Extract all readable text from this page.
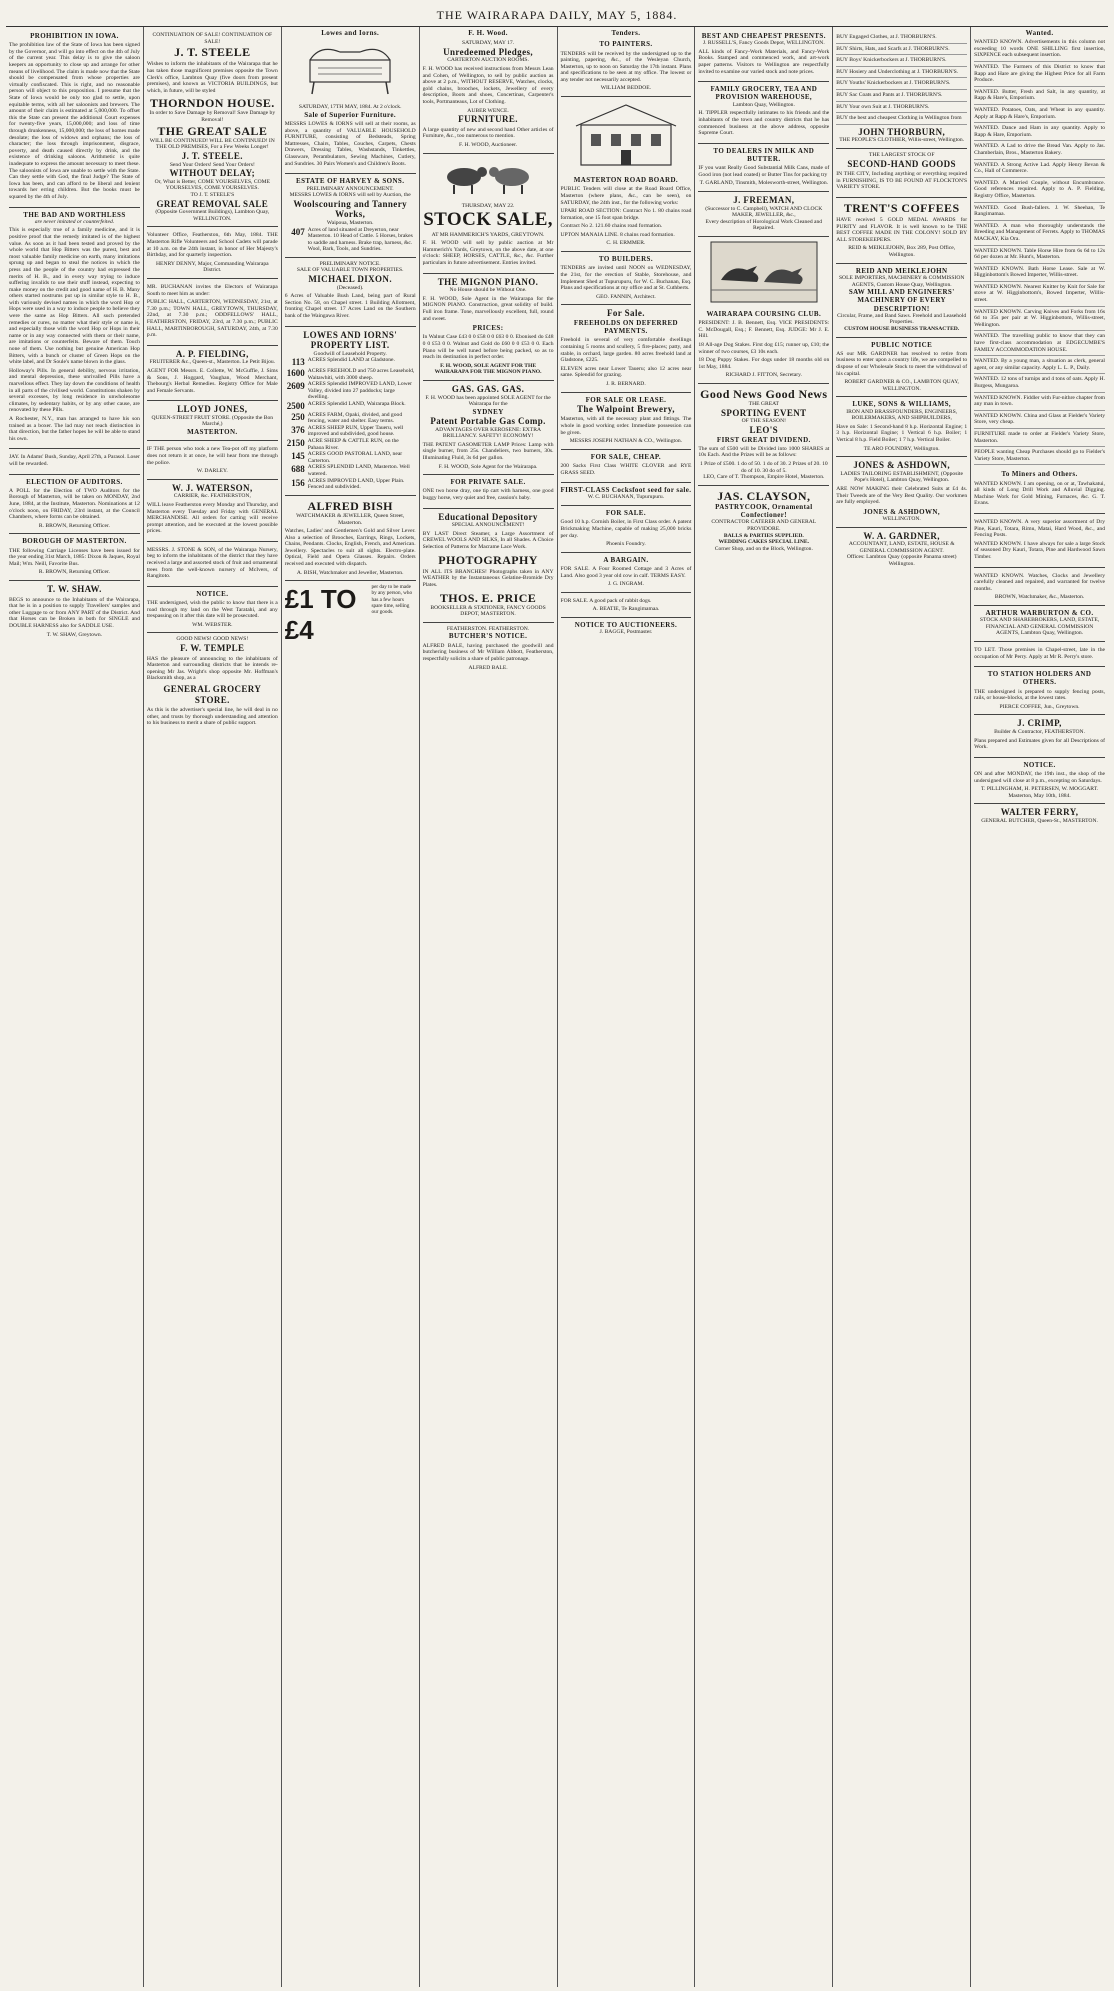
THE WAIRARAPA DAILY, MAY 5, 1884.
PROHIBITION IN IOWA.
The prohibition law of the State of Iowa has been signed by the Governor, and will go into effect on the 4th of July of the current year. This delay is to give the saloon keepers an opportunity to close up and arrange for other means of livelihood. The claim is made now that the State should be compensated from whose properties are virtually confiscated. This is right, and no reasonable person will object to this proposition. I presume that the State of Iowa would be only too glad to settle, upon equitable terms, with all her saloonists and brewers. The amount of their claim is estimated at 5,000,000. To offset this the State can present the additional Court expenses for twenty-five years, 15,000,000; and loss of time through drunkenness, 15,000,000; the loss of homes made desolate; the loss of widows and orphans; the loss of character; the loss through imprisonment, disgrace, poverty, and death caused directly by drink, and the existence of drinking saloons. Arithmetic is quite inadequate to express the amount necessary to meet these. The saloonists of Iowa are unable to settle with the State. Can they settle with God, the final Judge? The State of Iowa has been, and can afford to be liberal and lenient towards her erring children. But the books must be squared by the 4th of July.
THE BAD AND WORTHLESS
are never imitated or counterfeited.
This is especially true of a family medicine, and it is positive proof that the remedy imitated is of the highest value. As soon as it had been tested and proved by the whole world that Hop Bitters was the purest, best and most valuable family medicine on earth, many imitations sprung up and began to steal the notices in which the press and the people of the country had expressed the merits of H. B., and in every way trying to induce suffering invalids to use their stuff instead, expecting to make money on the credit and good name of H. B. Many others started nostrums put up in similar style to H. B., with variously devised names in which the word Hop or Hops were used in a way to induce people to believe they were the same as Hop Bitters. All such pretended remedies or cures, no matter what their style or name is, and especially those with the word Hop or Hops in their name or in any way connected with them or their name, are imitations or counterfeits. Beware of them. Touch none of them. Use nothing but genuine American Hop Bitters, with a bunch or cluster of Green Hops on the white label, and Dr Soule's name blown in the glass.
Holloway's Pills. In general debility, nervous irritation, and mental depression, these unrivalled Pills have a marvellous effect. They lay down the conditions of health in all parts of the civilised world. Constitutions shaken by several excesses, by long residence in unwholesome climates, by sedentary habits, or by any other cause, are renovated by these Pills.
A Rochester, N.Y., man has arranged to have his son trained as a boxer. The lad may not reach distinction in that direction, but the father hopes he will be able to stand his own.
JAY. In Adams' Bush, Sunday, April 27th, a Parasol. Loser will be rewarded.
ELECTION OF AUDITORS.
A POLL for the Election of TWO Auditors for the Borough of Masterton, will be taken on MONDAY, 2nd June, 1884, at the Institute, Masterton. Nominations at 12 o'clock noon, on FRIDAY, 23rd instant, at the Council Chambers, where forms can be obtained.
R. BROWN, Returning Officer.
BOROUGH OF MASTERTON.
THE following Carriage Licenses have been issued for the year ending 31st March, 1885: Dixon & Jaques, Royal Mail; Wm. Neill, Favorite Bus.
R. BROWN, Returning Officer.
T. W. SHAW.
BEGS to announce to the Inhabitants of the Wairarapa, that he is in a position to supply Travellers' samples and other Luggage to or from ANY PART of the District. And that Horses can be Broken in both for SINGLE and DOUBLE HARNESS also for SADDLE USE.
T. W. SHAW, Greytown.
CONTINUATION OF SALE! CONTINUATION OF SALE!
J. T. STEELE
Wishes to inform the inhabitants of the Wairarapa that he has taken those magnificent premises opposite the Town Clerk's office, Lambton Quay (five doors from present premises), and known as VICTORIA BUILDINGS, but which, in future, will be styled
THORNDON HOUSE.
In order to Save Damage by Removal! Save Damage by Removal!
THE GREAT SALE
WILL BE CONTINUED! WILL BE CONTINUED! IN THE OLD PREMISES, For a Few Weeks Longer!
J. T. STEELE.
Send Your Orders! Send Your Orders!
WITHOUT DELAY;
Or, What is Better, COME YOURSELVES, COME YOURSELVES, COME YOURSELVES.
TO J. T. STEELE'S
GREAT REMOVAL SALE
(Opposite Government Buildings), Lambton Quay, WELLINGTON.
Volunteer Office, Featherston, 6th May, 1884. THE Masterton Rifle Volunteers and School Cadets will parade at 10 a.m. on the 24th instant, in honor of Her Majesty's Birthday, and for quarterly inspection.
HENRY DENNY, Major, Commanding Wairarapa District.
MR. BUCHANAN invites the Electors of Wairarapa South to meet him as under:
PUBLIC HALL, CARTERTON, WEDNESDAY, 21st, at 7.30 p.m.; TOWN HALL, GREYTOWN, THURSDAY, 22nd, at 7.30 p.m.; ODDFELLOWS' HALL, FEATHERSTON, FRIDAY, 23rd, at 7.30 p.m.; PUBLIC HALL, MARTINBOROUGH, SATURDAY, 24th, at 7.30 p.m.
A. P. FIELDING,
FRUITERER &c., Queen-st., Masterton. Le Petit Bijou.
AGENT FOR Messrs. E. Collette, W. McGuffie, J. Sims & Sons, J. Hoggard, Vaughan, Wood Merchant, Thebourg's Herbal Remedies. Registry Office for Male and Female Servants.
LLOYD JONES,
QUEEN-STREET FRUIT STORE. (Opposite the Bon Marché,)
MASTERTON.
IF THE person who took a new Tea-pot off my platform does not return it at once, he will hear from me through the police.
W. DARLEY.
W. J. WATERSON,
CARRIER, &c. FEATHERSTON,
WILL leave Featherston every Monday and Thursday, and Masterton every Tuesday and Friday with GENERAL MERCHANDISE. All orders for carting will receive prompt attention, and be executed at the lowest possible prices.
MESSRS. J. STONE & SON, of the Wairarapa Nursery, beg to inform the inhabitants of the district that they have received a large and assorted stock of fruit and ornamental trees from the well-known nursery of McIvers, of Rangitoto.
NOTICE.
THE undersigned, wish the public to know that there is a road through my land on the West Taratahi, and any trespassing on it after this date will be prosecuted.
WM. WEBSTER.
GOOD NEWS! GOOD NEWS!
F. W. TEMPLE
HAS the pleasure of announcing to the inhabitants of Masterton and surrounding districts that he intends re-opening Mr Jas. Wright's shop opposite Mr. Hoffman's Blacksmith shop, as a
GENERAL GROCERY STORE.
As this is the advertiser's special line, he will deal in no other, and trusts by thorough understanding and attention to his business to merit a share of public support.
Lowes and Iorns.
SATURDAY, 17TH MAY, 1884. At 2 o'clock.
Sale of Superior Furniture.
MESSRS LOWES & IORNS will sell at their rooms, as above, a quantity of VALUABLE HOUSEHOLD FURNITURE, consisting of Bedsteads, Spring Mattresses, Chairs, Tables, Couches, Carpets, Chests Drawers, Dressing Tables, Washstands, Tinkettles, Glassware, Perambulators, Sewing Machines, Cutlery, and Sundries. 30 Pairs Women's and Children's Boots.
ESTATE OF HARVEY & SONS.
PRELIMINARY ANNOUNCEMENT.
MESSRS LOWES & IORNS will sell by Auction, the
Woolscouring and Tannery Works,
Waipoua, Masterton.
407 Acres of land situated at Dreyerton, near Masterton. 10 Head of Cattle. 5 Horses, brakes to saddle and harness. Brake trap, harness, &c. Wool, Bark, Tools, and Sundries.
PRELIMINARY NOTICE.
SALE OF VALUABLE TOWN PROPERTIES.
MICHAEL DIXON.
(Deceased).
6 Acres of Valuable Bush Land, being part of Rural Section No. 58, on Chapel street. 1 Building Allotment, fronting Chapel street. 17 Acres Land on the Southern bank of the Waingawa River.
LOWES AND IORNS' PROPERTY LIST.
Goodwill of Leasehold Property.
113 ACRES Splendid LAND at Gladstone.
1600 ACRES FREEHOLD and 750 acres Leasehold, Waitawhiti, with 3000 sheep.
2609 ACRES Splendid IMPROVED LAND, Lower Valley, divided into 27 paddocks; large dwelling.
2500 ACRES Splendid LAND, Wairarapa Block.
250 ACRES FARM, Opaki, divided, and good fencing, water and shelter. Easy terms.
376 ACRES SHEEP RUN, Upper Taueru, well improved and subdivided, good house.
2150 ACRE SHEEP & CATTLE RUN, on the Pahaoa River.
145 ACRES GOOD PASTORAL LAND, near Carterton.
688 ACRES SPLENDID LAND, Masterton. Well watered.
156 ACRES IMPROVED LAND, Upper Plain. Fenced and subdivided.
ALFRED BISH
WATCHMAKER & JEWELLER, Queen Street, Masterton.
Watches, Ladies' and Gentlemen's Gold and Silver Lever. Also a selection of Brooches, Earrings, Rings, Lockets, Chains, Pendants. Clocks, English, French, and American. Jewellery. Spectacles to suit all sights. Electro-plate. Optical, Field and Opera Glasses. Repairs. Orders received and executed with dispatch.
A. BISH, Watchmaker and Jeweller, Masterton.
£1 TO £4
per day to be made by any person, who has a few hours spare time, selling our goods.
F. H. Wood.
SATURDAY, MAY 17.
Unredeemed Pledges,
CARTERTON AUCTION ROOMS.
F. H. WOOD has received instructions from Messrs Lean and Cohen, of Wellington, to sell by public auction as above at 2 p.m., WITHOUT RESERVE, Watches, clocks, gold chains, brooches, lockets, Jewellery of every description, Boots and shoes, Concertinas, Carpenter's tools, Portmanteaus, Lot of Clothing.
AUBER WENCE.
FURNITURE.
A large quantity of new and second hand Other articles of Furniture, &c., too numerous to mention.
F. H. WOOD, Auctioneer.
THURSDAY, MAY 22.
STOCK SALE,
AT MR HAMMERICH'S YARDS, GREYTOWN.
F. H. WOOD will sell by public auction at Mr Hammerich's Yards, Greytown, on the above date, at one o'clock: SHEEP, HORSES, CATTLE, &c., &c. Further particulars in future advertisement. Entries invited.
THE MIGNON PIANO.
No House should be Without One.
F. H. WOOD, Sole Agent in the Wairarapa for the MIGNON PIANO. Construction, great solidity of build. Full iron frame. Tone, marvellously excellent, full, round and sweet.
PRICES:
In Walnut Case £43 0 0 £58 0 0 £63 0 0. Ebonised do £48 0 0 £53 0 0. Walnut and Gold do £60 0 0 £53 0 0. Each Piano will be well tuned before being packed, so as to reach its destination in perfect order.
F. H. WOOD, SOLE AGENT FOR THE WAIRARAPA FOR THE MIGNON PIANO.
GAS. GAS. GAS.
F. H. WOOD has been appointed SOLE AGENT for the Wairarapa for the
SYDNEY
Patent Portable Gas Comp.
ADVANTAGES OVER KEROSENE: EXTRA BRILLIANCY. SAFETY! ECONOMY!
THE PATENT GASOMETER LAMP Prices: Lamp with single burner, from 25s. Chandeliers, two burners, 30s. Illuminating Fluid, 3s 6d per gallon.
F. H. WOOD, Sole Agent for the Wairarapa.
FOR PRIVATE SALE.
ONE two horse dray, one tip cart with harness, one good buggy horse, very quiet and free, cassion's baby.
Educational Depository
SPECIAL ANNOUNCEMENT!
BY LAST Direct Steamer, a Large Assortment of CREWEL WOOLS AND SILKS, In all Shades. A Choice Selection of Patterns for Macrame Lace Work.
PHOTOGRAPHY
IN ALL ITS BRANCHES! Photographs taken in ANY WEATHER by the Instantaneous Gelatine-Bromide Dry Plates.
THOS. E. PRICE
BOOKSELLER & STATIONER, FANCY GOODS DEPOT, MASTERTON.
FEATHERSTON. FEATHERSTON.
BUTCHER'S NOTICE.
ALFRED BALE, having purchased the goodwill and butchering business of Mr William Abbott, Featherston, respectfully solicits a share of public patronage.
ALFRED BALE.
Tenders.
TO PAINTERS.
TENDERS will be received by the undersigned up to the painting, papering, &c., of the Wesleyan Church, Masterton, up to noon on Saturday the 17th instant. Plans and specifications to be seen at my office. The lowest or any tender not necessarily accepted.
WILLIAM BEDDOE.
MASTERTON ROAD BOARD.
PUBLIC Tenders will close at the Road Board Office, Masterton (where plans, &c., can be seen), on SATURDAY, the 24th inst., for the following works:
UPARI ROAD SECTION: Contract No 1. 80 chains road formation, one 15 foot span bridge.
Contract No 2. 121.60 chains road formation.
UPTON MANAIA LINE. 8 chains road formation.
C. H. ERMMER.
TO BUILDERS.
TENDERS are invited until NOON on WEDNESDAY, the 21st, for the erection of Stable, Storehouse, and Implement Shed at Tupurupuru, for W. C. Buchanan, Esq. Plans and specifications at my office and at St. Cuthberts.
GEO. FANNIN, Architect.
For Sale.
FREEHOLDS ON DEFERRED PAYMENTS.
Freehold in several of very comfortable dwellings containing 5 rooms and scullery, 5 fire-places; patty, and stable, in orchard, large garden. 80 acres freehold land at Gladstone, £225.
ELEVEN acres near Lower Taueru; also 12 acres near same. Splendid for grazing.
J. R. BERNARD.
FOR SALE OR LEASE.
The Walpoint Brewery,
Masterton, with all the necessary plant and fittings. The whole in good working order. Immediate possession can be given.
MESSRS JOSEPH NATHAN & CO., Wellington.
FOR SALE, CHEAP.
200 Sacks First Class WHITE CLOVER and RYE GRASS SEED.
FIRST-CLASS Cocksfoot seed for sale.
W. C. BUCHANAN, Tupurupuru.
FOR SALE.
Good 10 h.p. Cornish Boiler, in First Class order. A patent Brickmaking Machine, capable of making 25,000 bricks per day.
Phoenix Foundry.
A BARGAIN.
FOR SALE. A Four Roomed Cottage and 3 Acres of Land. Also good 3 year old cow in calf. TERMS EASY.
J. G. INGRAM.
FOR SALE. A good pack of rabbit dogs.
A. BEATIE, Te Rangimamaa.
NOTICE TO AUCTIONEERS.
J. BAGGE, Postmaster.
BEST AND CHEAPEST PRESENTS.
J. RUSSELL'S, Fancy Goods Depot, WELLINGTON.
ALL kinds of Fancy-Work Materials, and Fancy-Work Books. Stamped and commenced work, and art-work paper patterns. Visitors to Wellington are respectfully invited to examine our varied stock and note prices.
FAMILY GROCERY, TEA AND PROVISION WAREHOUSE,
Lambton Quay, Wellington.
H. TIPPLER respectfully intimates to his friends and the inhabitants of the town and country districts that he has commenced business at the above address, opposite Supreme Court.
TO DEALERS IN MILK AND BUTTER.
IF you want Really Good Substantial Milk Cans, made of Good iron (not lead coated) or Butter Tins for packing try
T. GARLAND, Tinsmith, Molesworth-street, Wellington.
J. FREEMAN,
(Successor to C. Campbell), WATCH AND CLOCK MAKER, JEWELLER, &c.,
Every description of Horological Work Cleaned and Repaired.
WAIRARAPA COURSING CLUB.
PRESIDENT: J. B. Bennett, Esq. VICE PRESIDENTS: C. McDougall, Esq.; F. Bennett, Esq. JUDGE: Mr J. E. Hill.
18 All-age Dog Stakes. First dog £15; runner up, £10; the winner of two courses, £3 10s each.
18 Dog Puppy Stakes. For dogs under 18 months old on 1st May, 1884.
RICHARD J. FITTON, Secretary.
Good News Good News
THE GREAT
SPORTING EVENT
OF THE SEASON!
LEO'S
FIRST GREAT DIVIDEND.
The sum of £500 will be Divided into 1000 SHARES at 10s Each. And the Prizes will be as follows:
1 Prize of £500. 1 do of 50. 1 do of 30. 2 Prizes of 20. 10 do of 10. 30 do of 5.
LEO, Care of T. Thompson, Empire Hotel, Masterton.
JAS. CLAYSON,
PASTRYCOOK, Ornamental Confectioner!
CONTRACTOR CATERER AND GENERAL PROVIDORE.
BALLS & PARTIES SUPPLIED.
WEDDING CAKES SPECIAL LINE.
Corner Shop, and on the Block, Wellington.
BUY Engaged Clothes, at J. THORBURN'S.
BUY Shirts, Hats, and Scarfs at J. THORBURN'S.
BUY Boys' Knickerbockers at J. THORBURN'S.
BUY Hosiery and Underclothing at J. THORBURN'S.
BUY Youths' Knickerbockers at J. THORBURN'S.
BUY Sac Coats and Pants at J. THORBURN'S.
BUY Your own Suit at J. THORBURN'S.
BUY the best and cheapest Clothing in Wellington from
JOHN THORBURN,
THE PEOPLE'S CLOTHIER, Willis-street, Wellington.
THE LARGEST STOCK OF
SECOND-HAND GOODS
IN THE CITY, Including anything or everything required in FURNISHING, IS TO BE FOUND AT FLOCKTON'S VARIETY STORE.
TRENT'S COFFEES
HAVE received 5 GOLD MEDAL AWARDS for PURITY and FLAVOR. It is well known to be THE BEST COFFEE MADE IN THE COLONY! SOLD BY ALL STOREKEEPERS.
REID & MEIKLEJOHN, Box 289, Post Office, Wellington.
REID AND MEIKLEJOHN
SOLE IMPORTERS, MACHINERY & COMMISSION AGENTS, Custom House Quay, Wellington.
SAW MILL AND ENGINEERS' MACHINERY OF EVERY DESCRIPTION!
Circular, Frame, and Band Saws. Freehold and Leasehold Properties.
CUSTOM HOUSE BUSINESS TRANSACTED.
PUBLIC NOTICE
AS our MR. GARDNER has resolved to retire from business to enter upon a country life, we are compelled to dispose of our Wholesale Stock to meet the withdrawal of his capital.
ROBERT GARDNER & CO., LAMBTON QUAY, WELLINGTON.
LUKE, SONS & WILLIAMS,
IRON AND BRASSFOUNDERS, ENGINEERS, BOILERMAKERS, AND SHIPBUILDERS,
Have on Sale: 1 Second-hand 8 h.p. Horizontal Engine; 1 3 h.p. Horizontal Engine; 1 Vertical 6 h.p. Boiler; 1 Vertical 8 h.p. Field Boiler; 1 7 h.p. Vertical Boiler.
TE ARO FOUNDRY, Wellington.
JONES & ASHDOWN,
LADIES TAILORING ESTABLISHMENT, (Opposite Pope's Hotel), Lambton Quay, Wellington.
ARE NOW MAKING their Celebrated Suits at £4 4s. Their Tweeds are of the Very Best Quality. Our workmen are fully employed.
JONES & ASHDOWN,
WELLINGTON.
W. A. GARDNER,
ACCOUNTANT, LAND, ESTATE, HOUSE & GENERAL COMMISSION AGENT.
Offices: Lambton Quay (opposite Panama street) Wellington.
Wanted.
WANTED KNOWN. Advertisements in this column not exceeding 10 words ONE SHILLING first insertion, SIXPENCE each subsequent insertion.
WANTED. The Farmers of this District to know that Rapp and Hare are giving the Highest Price for all Farm Produce.
WANTED. Butter, Fresh and Salt, in any quantity, at Rapp & Hare's, Emporium.
WANTED. Potatoes, Oats, and Wheat in any quantity. Apply at Rapp & Hare's, Emporium.
WANTED. Dance and Ham in any quantity. Apply to Rapp & Hare, Emporium.
WANTED. A Lad to drive the Bread Van. Apply to Jas. Chamberlain, Bros., Masterton Bakery.
WANTED. A Strong Active Lad. Apply Henry Bevan & Co., Hall of Commerce.
WANTED. A Married Couple, without Encumbrance. Good references required. Apply to A. P. Fielding, Registry Office, Masterton.
WANTED. Good Bush-fallers. J. W. Sheehan, Te Rangimamaa.
WANTED. A man who thoroughly understands the Breeding and Management of Ferrets. Apply to THOMAS MACKAY, Kia Ora.
WANTED KNOWN. Table Horse Hire from 6s 6d to 12s 6d per dozen at Mr. Hunt's, Masterton.
WANTED KNOWN. Bath Horse Lease. Sale at W. Higginbottom's Bowed Imperter, Willis-street.
WANTED KNOWN. Nearest Knitter by Knit for Sale for stove at W. Higginbottom's, Bowed Imperter, Willis-street.
WANTED KNOWN. Carving Knives and Forks from 16s 6d to 35s per pair at W. Higginbottom, Willis-street, Wellington.
WANTED. The travelling public to know that they can have first-class accommodation at EDGECUMBE'S FAMILY ACCOMMODATION HOUSE.
WANTED. By a young man, a situation as clerk, general agent, or any similar capacity. Apply L. L. P., Daily.
WANTED. 12 tons of turnips and 4 tons of oats. Apply H. Burgess, Mungaroa.
WANTED KNOWN. Fiddler with Fur-nithre chapter from any man in town.
WANTED KNOWN. China and Glass at Fielder's Variety Store, very cheap.
FURNITURE made to order at Fielder's Variety Store, Masterton.
PEOPLE wanting Cheap Purchases should go to Fielder's Variety Store, Masterton.
To Miners and Others.
WANTED KNOWN. I am opening, on or at, Tawhakatui, all kinds of Long Drill Work and Alluvial Digging. Machine Work for Gold Mining, Furnaces, &c. G. T. Evans.
WANTED KNOWN. A very superior assortment of Dry Pine, Kauri, Totara, Rimu, Matai, Hard Wood, &c., and Fencing Posts.
WANTED KNOWN. I have always for sale a large Stock of seasoned Dry Kauri, Totara, Pine and Hardwood Sawn Timber.
WANTED KNOWN. Watches, Clocks and Jewellery carefully cleaned and repaired, and warranted for twelve months.
BROWN, Watchmaker, &c., Masterton.
ARTHUR WARBURTON & CO.
STOCK AND SHAREBROKERS, LAND, ESTATE, FINANCIAL AND GENERAL COMMISSION AGENTS, Lambton Quay, Wellington.
TO LET. Those premises in Chapel-street, late in the occupation of Mr Perry. Apply at Mr R. Perry's store.
TO STATION HOLDERS AND OTHERS.
THE undersigned is prepared to supply fencing posts, rails, or house-blocks, at the lowest rates.
PIERCE COFFEE, Jun., Greytown.
J. CRIMP,
Builder & Contractor, FEATHERSTON.
Plans prepared and Estimates given for all Descriptions of Work.
NOTICE.
ON and after MONDAY, the 19th inst., the shop of the undersigned will close at 8 p.m., excepting on Saturdays.
T. PILLINGHAM, H. PETERSEN, W. MOGGART. Masterton, May 10th, 1884.
WALTER FERRY,
GENERAL BUTCHER, Queen-St., MASTERTON.
